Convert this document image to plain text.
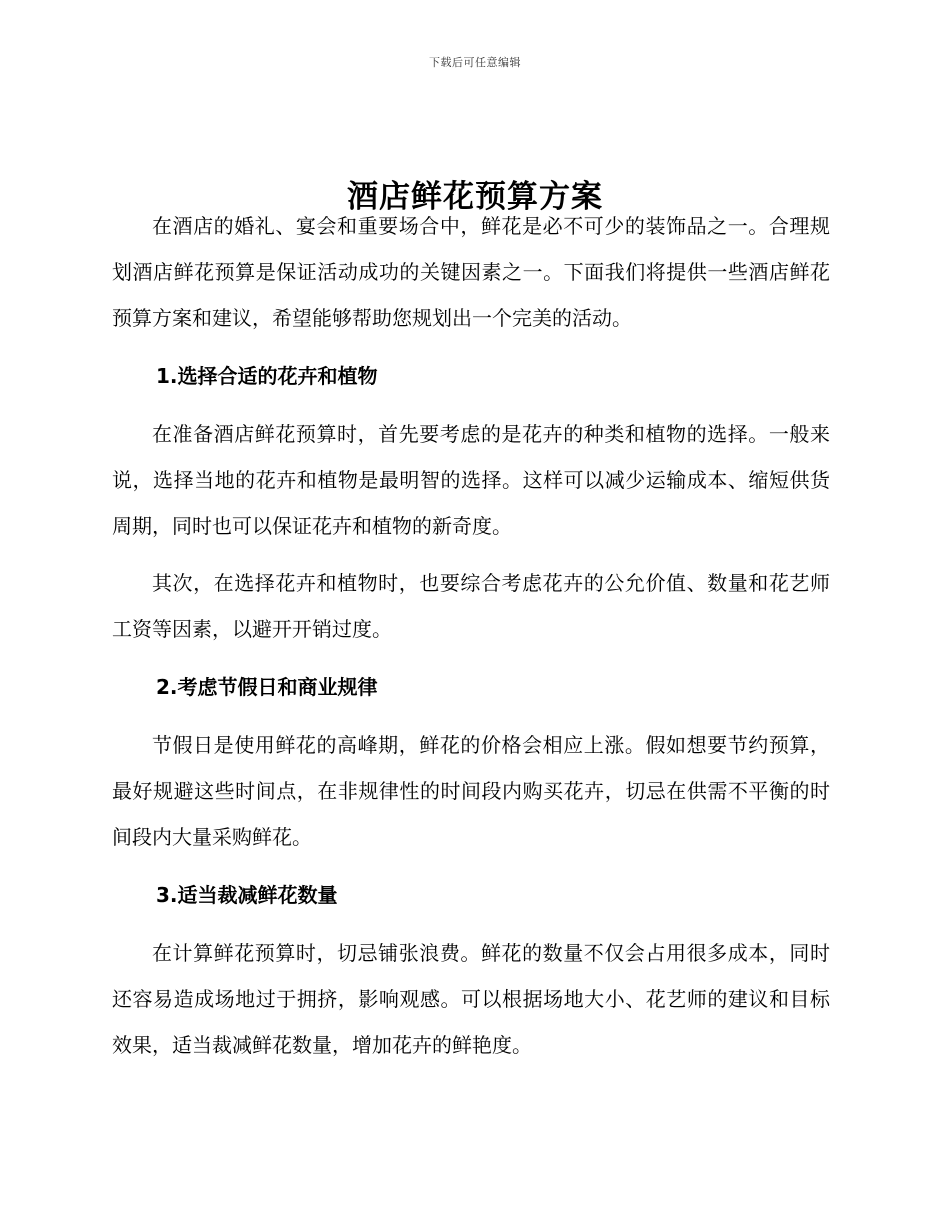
下载后可任意编辑
酒店鲜花预算方案

在酒店的婚礼、宴会和重要场合中，鲜花是必不可少的装饰品之一。合理规划酒店鲜花预算是保证活动成功的关键因素之一。下面我们将提供一些酒店鲜花预算方案和建议，希望能够帮助您规划出一个完美的活动。

1.选择合适的花卉和植物

在准备酒店鲜花预算时，首先要考虑的是花卉的种类和植物的选择。一般来说，选择当地的花卉和植物是最明智的选择。这样可以减少运输成本、缩短供货周期，同时也可以保证花卉和植物的新奇度。

其次，在选择花卉和植物时，也要综合考虑花卉的公允价值、数量和花艺师工资等因素，以避开开销过度。

2.考虑节假日和商业规律

节假日是使用鲜花的高峰期，鲜花的价格会相应上涨。假如想要节约预算，最好规避这些时间点，在非规律性的时间段内购买花卉，切忌在供需不平衡的时间段内大量采购鲜花。

3.适当裁减鲜花数量

在计算鲜花预算时，切忌铺张浪费。鲜花的数量不仅会占用很多成本，同时还容易造成场地过于拥挤，影响观感。可以根据场地大小、花艺师的建议和目标效果，适当裁减鲜花数量，增加花卉的鲜艳度。
